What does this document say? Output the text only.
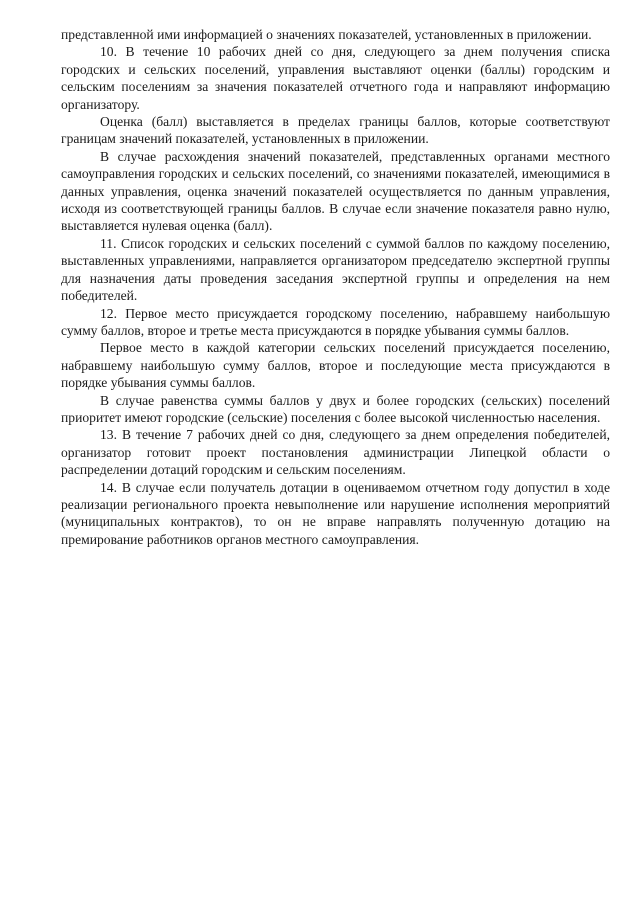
представленной ими информацией о значениях показателей, установленных в приложении.

10. В течение 10 рабочих дней со дня, следующего за днем получения списка городских и сельских поселений, управления выставляют оценки (баллы) городским и сельским поселениям за значения показателей отчетного года и направляют информацию организатору.

Оценка (балл) выставляется в пределах границы баллов, которые соответствуют границам значений показателей, установленных в приложении.

В случае расхождения значений показателей, представленных органами местного самоуправления городских и сельских поселений, со значениями показателей, имеющимися в данных управления, оценка значений показателей осуществляется по данным управления, исходя из соответствующей границы баллов. В случае если значение показателя равно нулю, выставляется нулевая оценка (балл).

11. Список городских и сельских поселений с суммой баллов по каждому поселению, выставленных управлениями, направляется организатором председателю экспертной группы для назначения даты проведения заседания экспертной группы и определения на нем победителей.

12. Первое место присуждается городскому поселению, набравшему наибольшую сумму баллов, второе и третье места присуждаются в порядке убывания суммы баллов.

Первое место в каждой категории сельских поселений присуждается поселению, набравшему наибольшую сумму баллов, второе и последующие места присуждаются в порядке убывания суммы баллов.

В случае равенства суммы баллов у двух и более городских (сельских) поселений приоритет имеют городские (сельские) поселения с более высокой численностью населения.

13. В течение 7 рабочих дней со дня, следующего за днем определения победителей, организатор готовит проект постановления администрации Липецкой области о распределении дотаций городским и сельским поселениям.

14. В случае если получатель дотации в оцениваемом отчетном году допустил в ходе реализации регионального проекта невыполнение или нарушение исполнения мероприятий (муниципальных контрактов), то он не вправе направлять полученную дотацию на премирование работников органов местного самоуправления.
